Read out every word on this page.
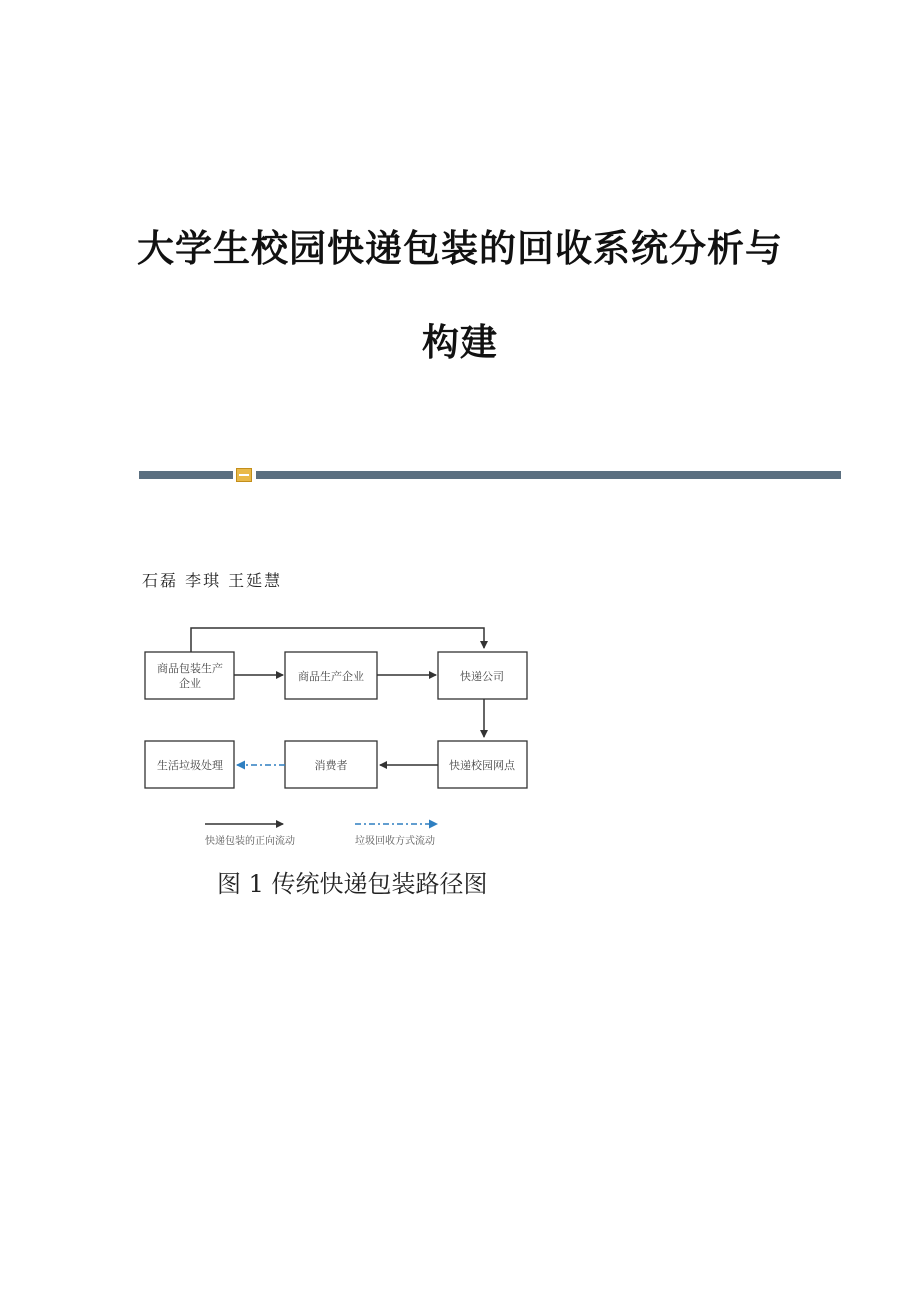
大学生校园快递包装的回收系统分析与
构建
石磊 李琪 王延慧
商品包装生产
企业
商品生产企业	快递公司
生活垃圾处理	消费者	快递校园网点
快递包装的正向流动	垃圾回收方式流动
图 1 传统快递包装路径图
